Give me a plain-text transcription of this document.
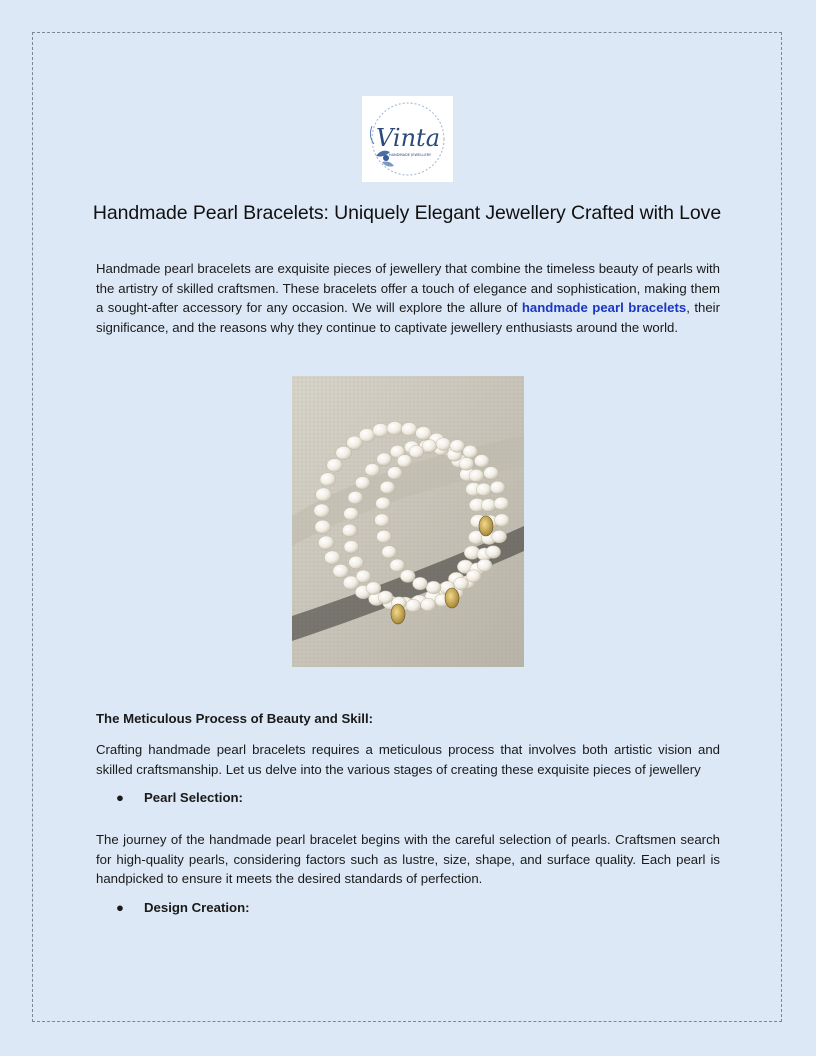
Vinta
HANDMADE JEWELLERY
Handmade Pearl Bracelets: Uniquely Elegant Jewellery Crafted with Love
Handmade pearl bracelets are exquisite pieces of jewellery that combine the timeless beauty of pearls with the artistry of skilled craftsmen. These bracelets offer a touch of elegance and sophistication, making them a sought-after accessory for any occasion. We will explore the allure of handmade pearl bracelets, their significance, and the reasons why they continue to captivate jewellery enthusiasts around the world.
The Meticulous Process of Beauty and Skill:
Crafting handmade pearl bracelets requires a meticulous process that involves both artistic vision and skilled craftsmanship. Let us delve into the various stages of creating these exquisite pieces of jewellery
● Pearl Selection:
The journey of the handmade pearl bracelet begins with the careful selection of pearls. Craftsmen search for high-quality pearls, considering factors such as lustre, size, shape, and surface quality. Each pearl is handpicked to ensure it meets the desired standards of perfection.
● Design Creation:
